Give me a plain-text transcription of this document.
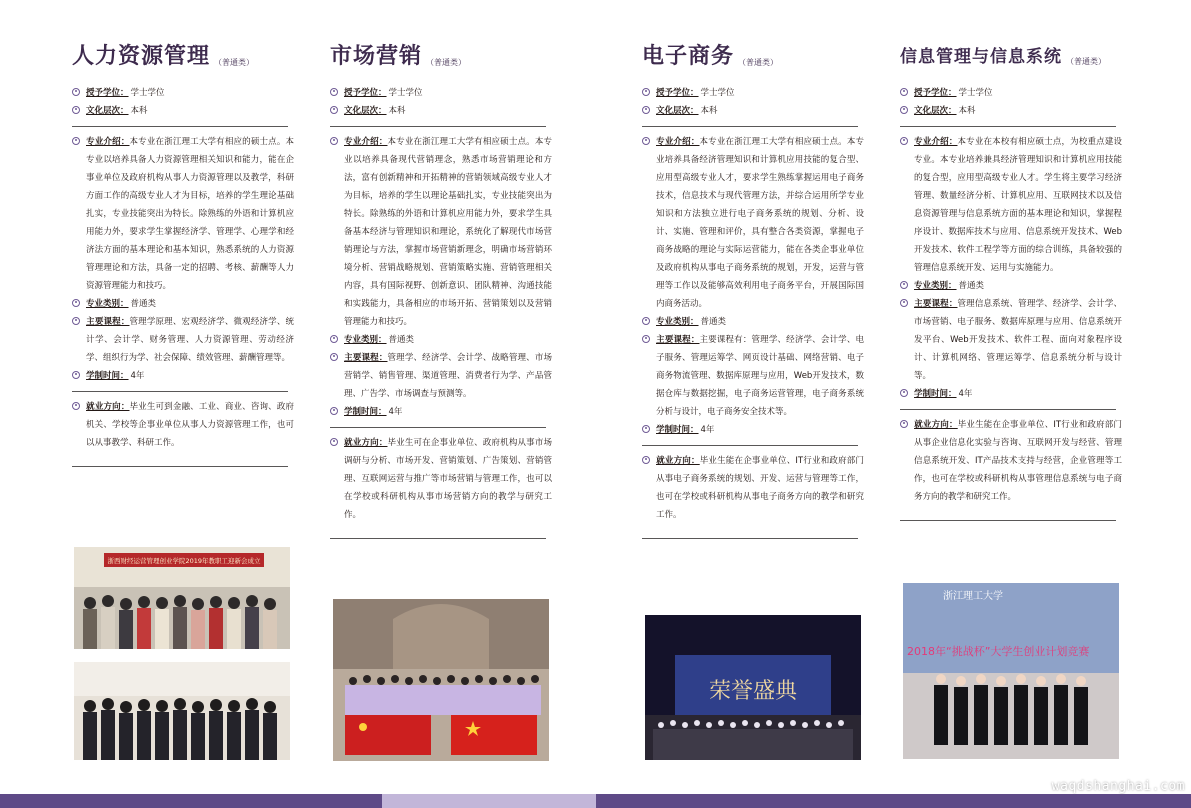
人力资源管理 （普通类）
授予学位： 学士学位
文化层次： 本科
专业介绍：本专业在浙江理工大学有相应的硕士点。本专业以培养具备人力资源管理相关知识和能力，能在企事业单位及政府机构从事人力资源管理以及教学，科研方面工作的高级专业人才为目标，培养的学生理论基础扎实，专业技能突出为特长。除熟练的外语和计算机应用能力外，要求学生掌握经济学、管理学、心理学和经济法方面的基本理论和基本知识，熟悉系统的人力资源管理理论和方法，具备一定的招聘、考核、薪酬等人力资源管理能力和技巧。
专业类别： 普通类
主要课程：管理学原理、宏观经济学、微观经济学、统计学、会计学、财务管理、人力资源管理、劳动经济学、组织行为学、社会保障、绩效管理、薪酬管理等。
学制时间： 4年
就业方向：毕业生可到金融、工业、商业、咨询、政府机关、学校等企事业单位从事人力资源管理工作，也可以从事教学、科研工作。
市场营销 （普通类）
授予学位： 学士学位
文化层次： 本科
专业介绍：本专业在浙江理工大学有相应硕士点。本专业以培养具备现代营销理念，熟悉市场营销理论和方法，富有创新精神和开拓精神的营销领域高级专业人才为目标，培养的学生以理论基础扎实，专业技能突出为特长。除熟练的外语和计算机应用能力外，要求学生具备基本经济与管理知识和理论，系统化了解现代市场营销理论与方法，掌握市场营销新理念，明确市场营销环境分析、营销战略规划、营销策略实施、营销管理相关内容，具有国际视野、创新意识、团队精神、沟通技能和实践能力，具备相应的市场开拓、营销策划以及营销管理能力和技巧。
专业类别： 普通类
主要课程：管理学、经济学、会计学、战略管理、市场营销学、销售管理、渠道管理、消费者行为学、产品管理、广告学、市场调查与预测等。
学制时间： 4年
就业方向：毕业生可在企事业单位、政府机构从事市场调研与分析、市场开发、营销策划、广告策划、营销管理、互联网运营与推广等市场营销与管理工作，也可以在学校或科研机构从事市场营销方向的教学与研究工作。
电子商务 （普通类）
授予学位： 学士学位
文化层次： 本科
专业介绍：本专业在浙江理工大学有相应硕士点。本专业培养具备经济管理知识和计算机应用技能的复合型、应用型高级专业人才，要求学生熟练掌握运用电子商务技术，信息技术与现代管理方法，并综合运用所学专业知识和方法独立进行电子商务系统的规划、分析、设计、实施、管理和评价，具有整合各类资源，掌握电子商务战略的理论与实际运营能力，能在各类企事业单位及政府机构从事电子商务系统的规划，开发，运营与管理等工作以及能够高效利用电子商务平台，开展国际国内商务活动。
专业类别： 普通类
主要课程：主要课程有：管理学、经济学、会计学、电子服务、管理运筹学、网页设计基础、网络营销、电子商务物流管理、数据库原理与应用，Web开发技术，数据仓库与数据挖掘，电子商务运营管理，电子商务系统分析与设计，电子商务安全技术等。
学制时间： 4年
就业方向：毕业生能在企事业单位、IT行业和政府部门从事电子商务系统的规划、开发、运营与管理等工作，也可在学校或科研机构从事电子商务方向的教学和研究工作。
信息管理与信息系统 （普通类）
授予学位： 学士学位
文化层次： 本科
专业介绍：本专业在本校有相应硕士点，为校重点建设专业。本专业培养兼具经济管理知识和计算机应用技能的复合型，应用型高级专业人才。学生将主要学习经济管理、数量经济分析、计算机应用、互联网技术以及信息资源管理与信息系统方面的基本理论和知识，掌握程序设计、数据库技术与应用、信息系统开发技术、Web开发技术、软件工程学等方面的综合训练，具备较强的管理信息系统开发、运用与实施能力。
专业类别： 普通类
主要课程：管理信息系统、管理学、经济学、会计学、市场营销、电子服务、数据库原理与应用、信息系统开发平台、Web开发技术、软件工程、面向对象程序设计、计算机网络、管理运筹学、信息系统分析与设计等。
学制时间： 4年
就业方向：毕业生能在企事业单位、IT行业和政府部门从事企业信息化实验与咨询、互联网开发与经营、管理信息系统开发、IT产品技术支持与经营，企业管理等工作，也可在学校或科研机构从事管理信息系统与电子商务方向的教学和研究工作。
浙西财经运营管理创业学院2019年教职工迎新会成立
荣誉盛典
浙江理工大学
2018年“挑战杯”大学生创业计划竞赛
waqdshanghai.com
